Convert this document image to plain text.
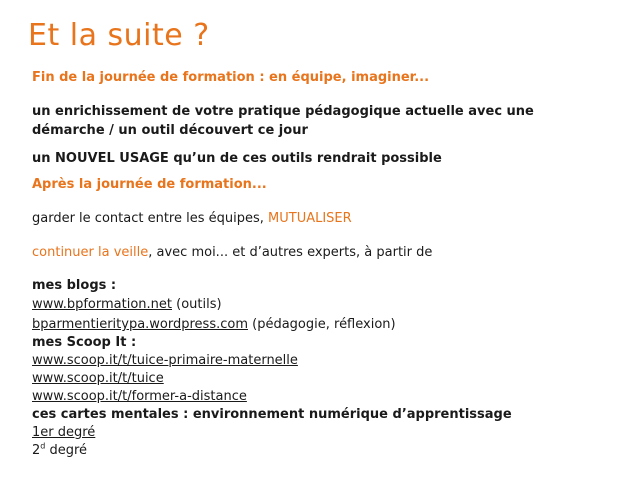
Et la suite ?
Fin de la journée de formation : en équipe, imaginer...
un enrichissement de votre pratique pédagogique actuelle avec une
démarche / un outil découvert ce jour
un NOUVEL USAGE qu’un de ces outils rendrait possible
Après la journée de formation...
garder le contact entre les équipes, MUTUALISER
continuer la veille, avec moi... et d’autres experts, à partir de
mes blogs :
www.bpformation.net (outils)
bparmentieritypa.wordpress.com (pédagogie, réflexion)
mes Scoop It :
www.scoop.it/t/tuice-primaire-maternelle
www.scoop.it/t/tuice
www.scoop.it/t/former-a-distance
ces cartes mentales : environnement numérique d’apprentissage
1er degré
2$^d$ degré
